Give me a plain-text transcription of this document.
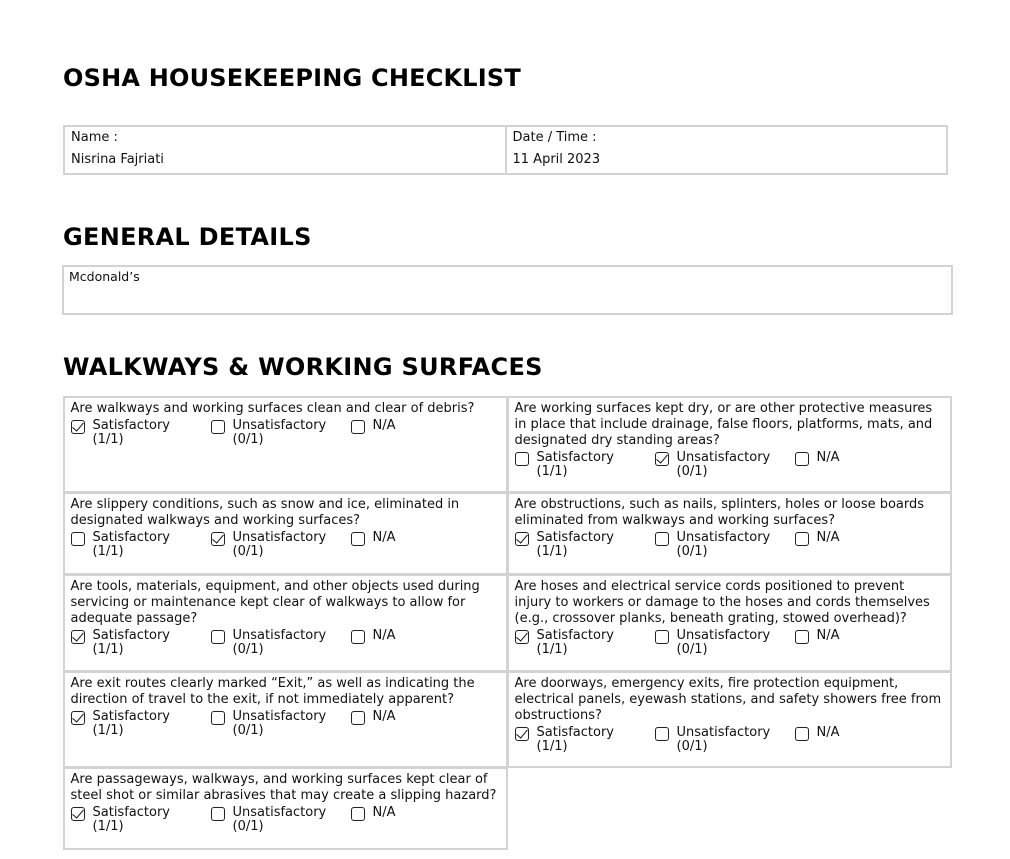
OSHA HOUSEKEEPING CHECKLIST
Name :
Nisrina Fajriati
Date / Time :
11 April 2023
GENERAL DETAILS
Mcdonald’s
WALKWAYS & WORKING SURFACES
Are walkways and working surfaces clean and clear of debris?
Satisfactory
(1/1)
Unsatisfactory
(0/1)
N/A
Are working surfaces kept dry, or are other protective measures in place that include drainage, false floors, platforms, mats, and designated dry standing areas?
Satisfactory
(1/1)
Unsatisfactory
(0/1)
N/A
Are slippery conditions, such as snow and ice, eliminated in designated walkways and working surfaces?
Satisfactory
(1/1)
Unsatisfactory
(0/1)
N/A
Are obstructions, such as nails, splinters, holes or loose boards eliminated from walkways and working surfaces?
Satisfactory
(1/1)
Unsatisfactory
(0/1)
N/A
Are tools, materials, equipment, and other objects used during servicing or maintenance kept clear of walkways to allow for adequate passage?
Satisfactory
(1/1)
Unsatisfactory
(0/1)
N/A
Are hoses and electrical service cords positioned to prevent injury to workers or damage to the hoses and cords themselves (e.g., crossover planks, beneath grating, stowed overhead)?
Satisfactory
(1/1)
Unsatisfactory
(0/1)
N/A
Are exit routes clearly marked “Exit,” as well as indicating the direction of travel to the exit, if not immediately apparent?
Satisfactory
(1/1)
Unsatisfactory
(0/1)
N/A
Are doorways, emergency exits, fire protection equipment, electrical panels, eyewash stations, and safety showers free from obstructions?
Satisfactory
(1/1)
Unsatisfactory
(0/1)
N/A
Are passageways, walkways, and working surfaces kept clear of steel shot or similar abrasives that may create a slipping hazard?
Satisfactory
(1/1)
Unsatisfactory
(0/1)
N/A
